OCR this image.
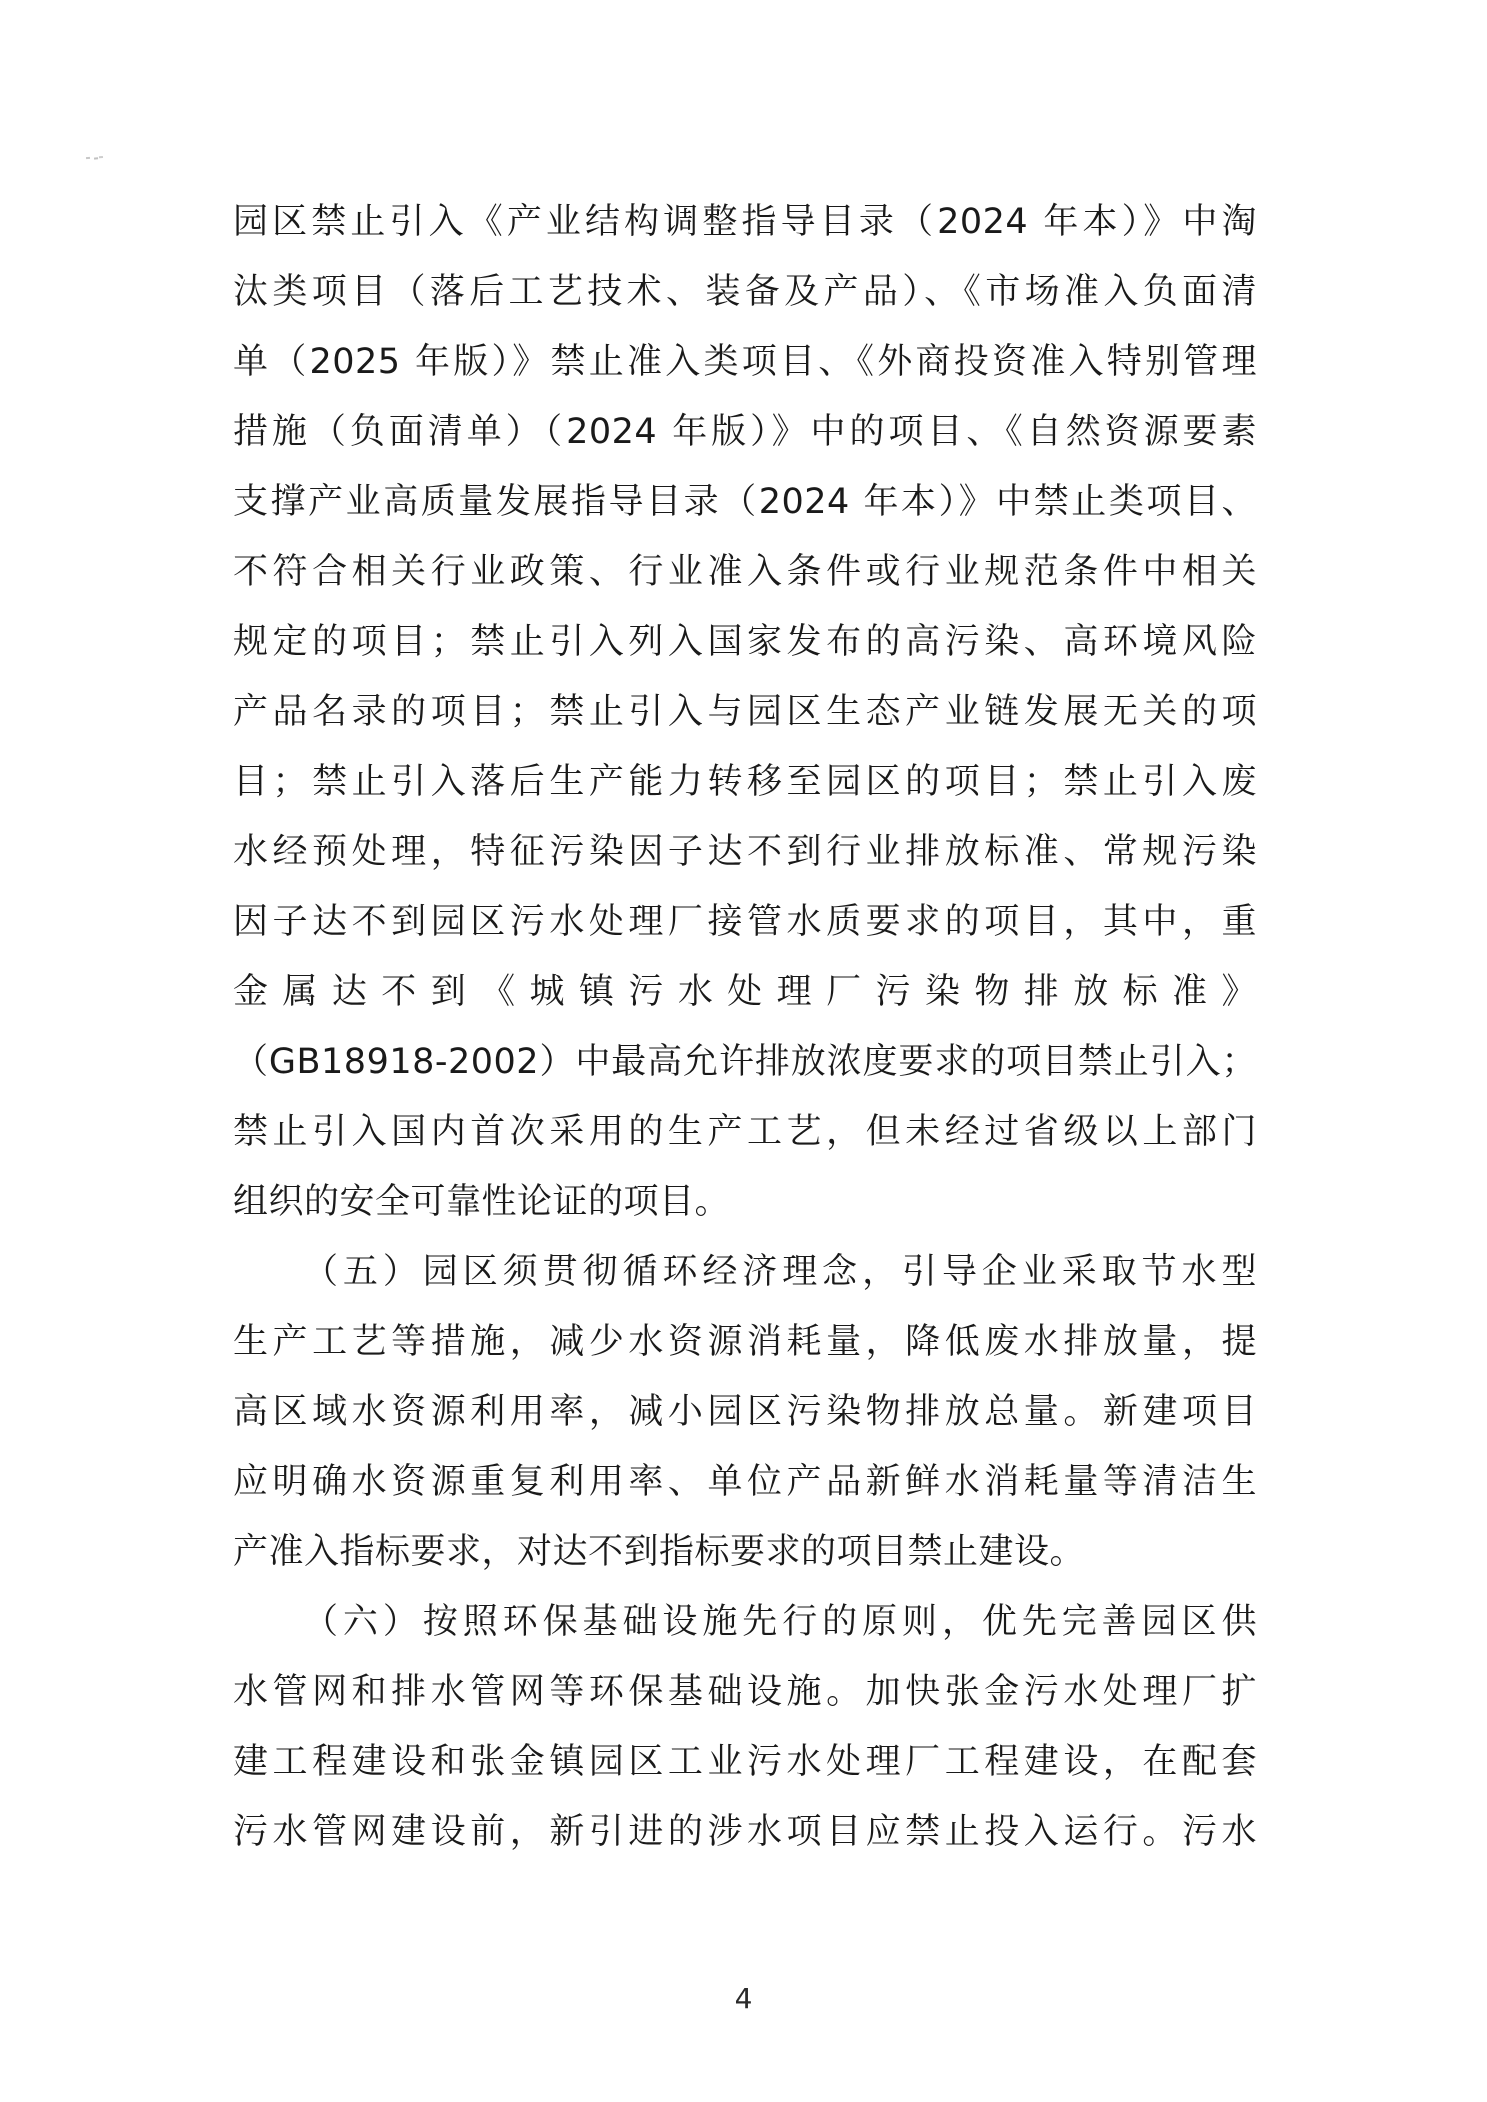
园区禁止引入《产业结构调整指导目录（2024 年本）》中淘
汰类项目（落后工艺技术、装备及产品）、《市场准入负面清
单（2025 年版）》禁止准入类项目、《外商投资准入特别管理
措施（负面清单）（2024 年版）》中的项目、《自然资源要素
支撑产业高质量发展指导目录（2024 年本）》中禁止类项目、
不符合相关行业政策、行业准入条件或行业规范条件中相关
规定的项目；禁止引入列入国家发布的高污染、高环境风险
产品名录的项目；禁止引入与园区生态产业链发展无关的项
目；禁止引入落后生产能力转移至园区的项目；禁止引入废
水经预处理，特征污染因子达不到行业排放标准、常规污染
因子达不到园区污水处理厂接管水质要求的项目，其中，重
金属达不到《城镇污水处理厂污染物排放标准》
（GB18918-2002）中最高允许排放浓度要求的项目禁止引入；
禁止引入国内首次采用的生产工艺，但未经过省级以上部门
组织的安全可靠性论证的项目。
（五）园区须贯彻循环经济理念，引导企业采取节水型
生产工艺等措施，减少水资源消耗量，降低废水排放量，提
高区域水资源利用率，减小园区污染物排放总量。新建项目
应明确水资源重复利用率、单位产品新鲜水消耗量等清洁生
产准入指标要求，对达不到指标要求的项目禁止建设。
（六）按照环保基础设施先行的原则，优先完善园区供
水管网和排水管网等环保基础设施。加快张金污水处理厂扩
建工程建设和张金镇园区工业污水处理厂工程建设，在配套
污水管网建设前，新引进的涉水项目应禁止投入运行。污水
4
